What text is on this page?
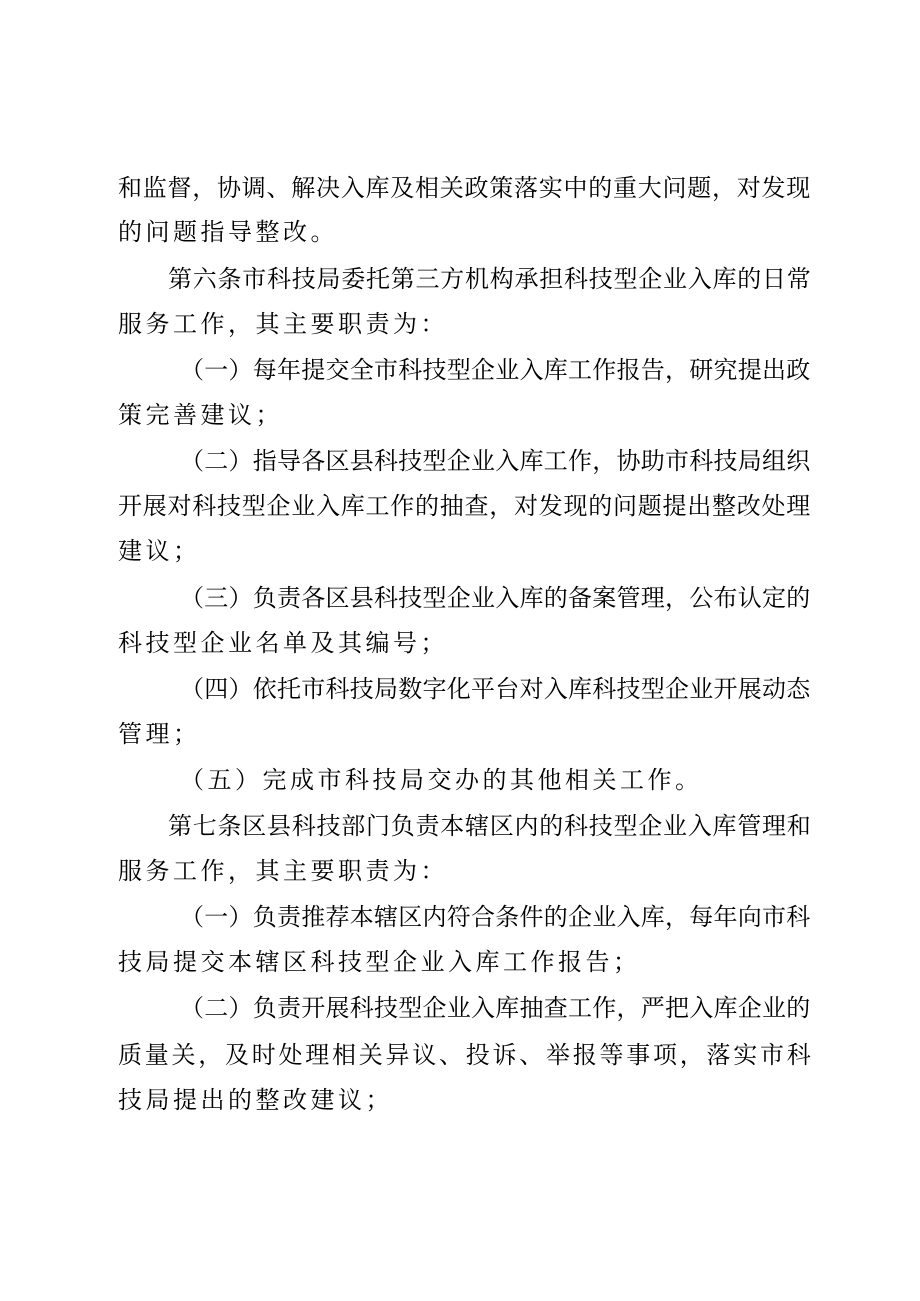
和监督，协调、解决入库及相关政策落实中的重大问题，对发现
的问题指导整改。
第六条市科技局委托第三方机构承担科技型企业入库的日常
服务工作，其主要职责为：
（一）每年提交全市科技型企业入库工作报告，研究提出政
策完善建议；
（二）指导各区县科技型企业入库工作，协助市科技局组织
开展对科技型企业入库工作的抽查，对发现的问题提出整改处理
建议；
（三）负责各区县科技型企业入库的备案管理，公布认定的
科技型企业名单及其编号；
（四）依托市科技局数字化平台对入库科技型企业开展动态
管理；
（五）完成市科技局交办的其他相关工作。
第七条区县科技部门负责本辖区内的科技型企业入库管理和
服务工作，其主要职责为：
（一）负责推荐本辖区内符合条件的企业入库，每年向市科
技局提交本辖区科技型企业入库工作报告；
（二）负责开展科技型企业入库抽查工作，严把入库企业的
质量关，及时处理相关异议、投诉、举报等事项，落实市科
技局提出的整改建议；
